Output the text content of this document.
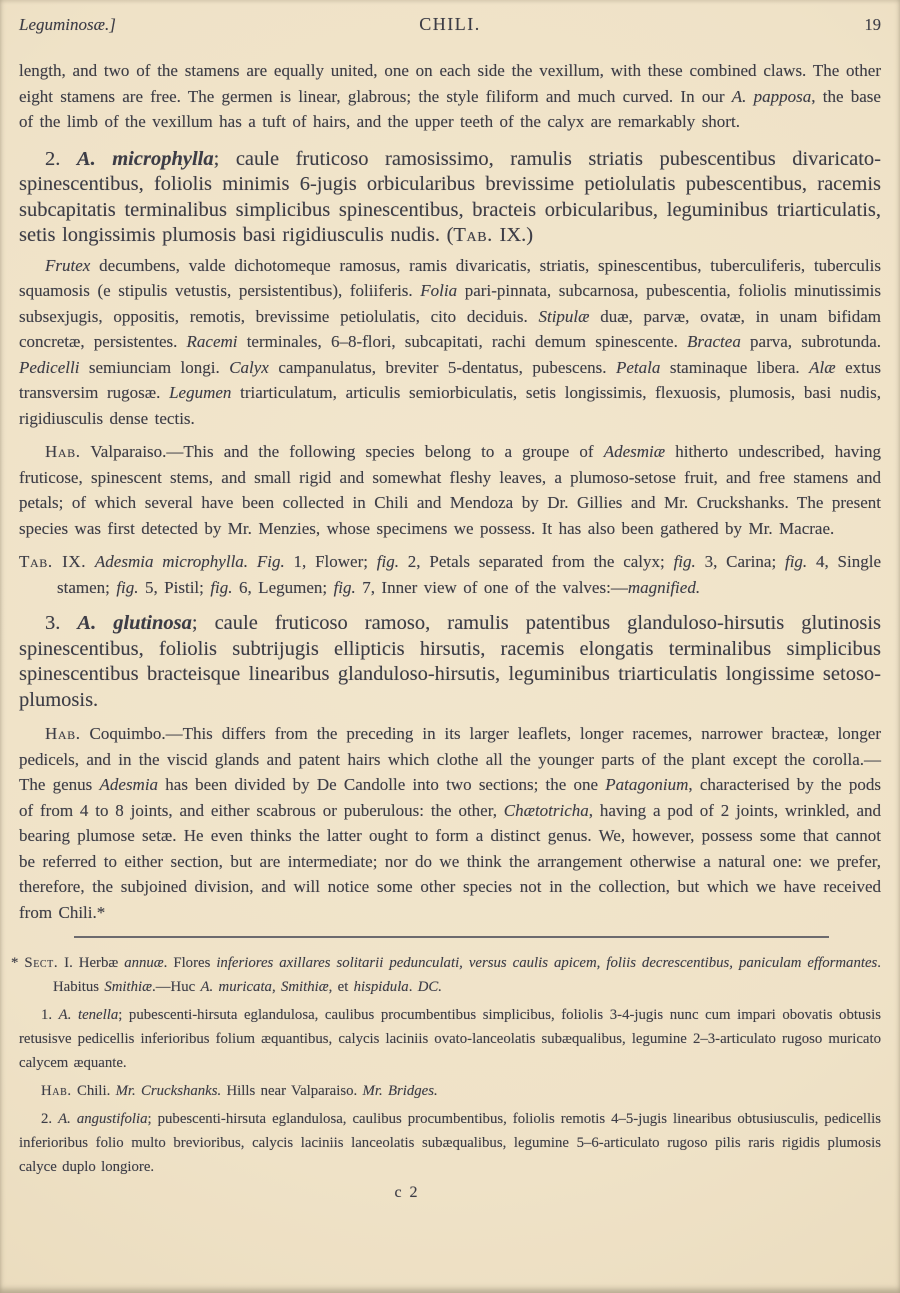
Leguminosæ.]	CHILI.	19

length, and two of the stamens are equally united, one on each side the vexillum, with these combined claws. The other eight stamens are free. The germen is linear, glabrous; the style filiform and much curved. In our A. papposa, the base of the limb of the vexillum has a tuft of hairs, and the upper teeth of the calyx are remarkably short.

2. A. microphylla; caule fruticoso ramosissimo, ramulis striatis pubescentibus divaricato-spinescentibus, foliolis minimis 6-jugis orbicularibus brevissime petiolulatis pubescentibus, racemis subcapitatis terminalibus simplicibus spinescentibus, bracteis orbicularibus, leguminibus triarticulatis, setis longissimis plumosis basi rigidiusculis nudis. (Tab. IX.)

Frutex decumbens, valde dichotomeque ramosus, ramis divaricatis, striatis, spinescentibus, tuberculiferis, tuberculis squamosis (e stipulis vetustis, persistentibus), foliiferis. Folia pari-pinnata, subcarnosa, pubescentia, foliolis minutissimis subsexjugis, oppositis, remotis, brevissime petiolulatis, cito deciduis. Stipulæ duæ, parvæ, ovatæ, in unam bifidam concretæ, persistentes. Racemi terminales, 6–8-flori, subcapitati, rachi demum spinescente. Bractea parva, subrotunda. Pedicelli semiunciam longi. Calyx campanulatus, breviter 5-dentatus, pubescens. Petala staminaque libera. Alæ extus transversim rugosæ. Legumen triarticulatum, articulis semiorbiculatis, setis longissimis, flexuosis, plumosis, basi nudis, rigidiusculis dense tectis.

Hab. Valparaiso.—This and the following species belong to a groupe of Adesmiæ hitherto undescribed, having fruticose, spinescent stems, and small rigid and somewhat fleshy leaves, a plumoso-setose fruit, and free stamens and petals; of which several have been collected in Chili and Mendoza by Dr. Gillies and Mr. Cruckshanks. The present species was first detected by Mr. Menzies, whose specimens we possess. It has also been gathered by Mr. Macrae.

Tab. IX. Adesmia microphylla. Fig. 1, Flower; fig. 2, Petals separated from the calyx; fig. 3, Carina; fig. 4, Single stamen; fig. 5, Pistil; fig. 6, Legumen; fig. 7, Inner view of one of the valves:—magnified.

3. A. glutinosa; caule fruticoso ramoso, ramulis patentibus glanduloso-hirsutis glutinosis spinescentibus, foliolis subtrijugis ellipticis hirsutis, racemis elongatis terminalibus simplicibus spinescentibus bracteisque linearibus glanduloso-hirsutis, leguminibus triarticulatis longissime setoso-plumosis.

Hab. Coquimbo.—This differs from the preceding in its larger leaflets, longer racemes, narrower bracteæ, longer pedicels, and in the viscid glands and patent hairs which clothe all the younger parts of the plant except the corolla.—The genus Adesmia has been divided by De Candolle into two sections; the one Patagonium, characterised by the pods of from 4 to 8 joints, and either scabrous or puberulous: the other, Chætotricha, having a pod of 2 joints, wrinkled, and bearing plumose setæ. He even thinks the latter ought to form a distinct genus. We, however, possess some that cannot be referred to either section, but are intermediate; nor do we think the arrangement otherwise a natural one: we prefer, therefore, the subjoined division, and will notice some other species not in the collection, but which we have received from Chili.*

* Sect. I. Herbæ annuæ. Flores inferiores axillares solitarii pedunculati, versus caulis apicem, foliis decrescentibus, paniculam efformantes. Habitus Smithiæ.—Huc A. muricata, Smithiæ, et hispidula. DC.

1. A. tenella; pubescenti-hirsuta eglandulosa, caulibus procumbentibus simplicibus, foliolis 3-4-jugis nunc cum impari obovatis obtusis retusisve pedicellis inferioribus folium æquantibus, calycis laciniis ovato-lanceolatis subæqualibus, legumine 2–3-articulato rugoso muricato calycem æquante.

Hab. Chili. Mr. Cruckshanks. Hills near Valparaiso. Mr. Bridges.

2. A. angustifolia; pubescenti-hirsuta eglandulosa, caulibus procumbentibus, foliolis remotis 4–5-jugis linearibus obtusiusculis, pedicellis inferioribus folio multo brevioribus, calycis laciniis lanceolatis subæqualibus, legumine 5–6-articulato rugoso pilis raris rigidis plumosis calyce duplo longiore.

c 2
